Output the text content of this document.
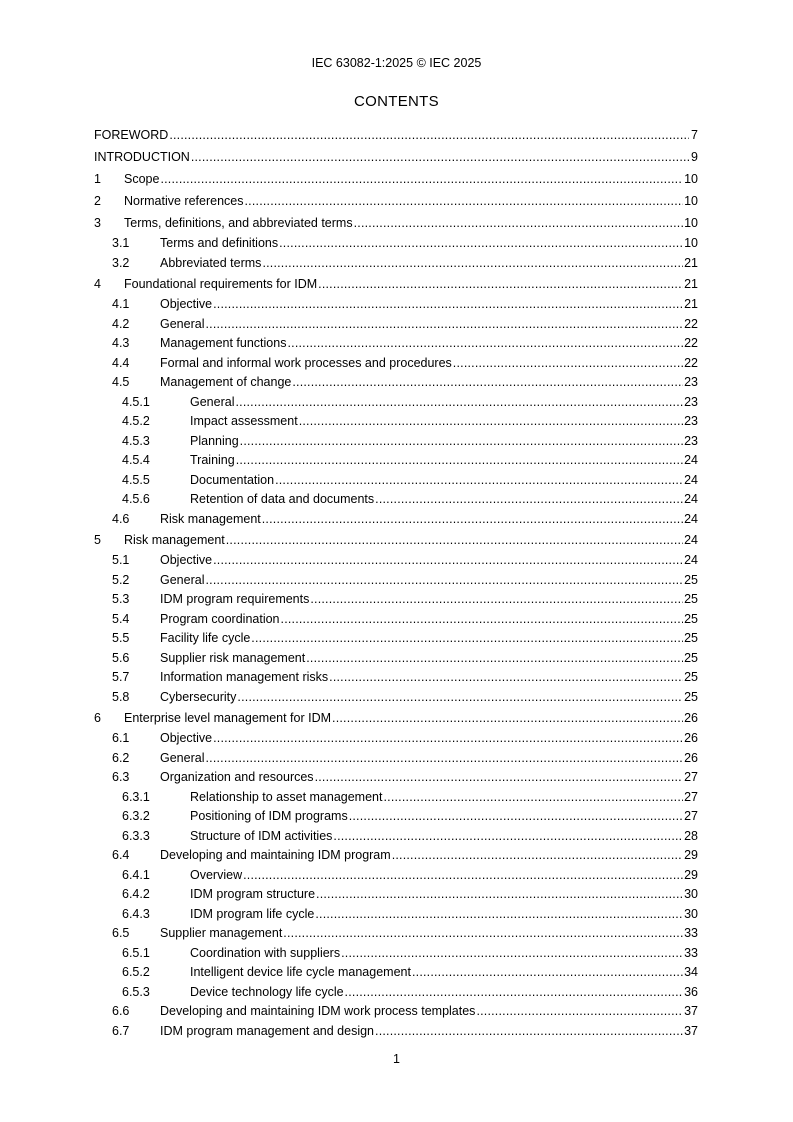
IEC 63082-1:2025 © IEC 2025
CONTENTS
FOREWORD .....	7
INTRODUCTION .....	9
1	Scope .....	10
2	Normative references .....	10
3	Terms, definitions, and abbreviated terms .....	10
3.1	Terms and definitions .....	10
3.2	Abbreviated terms .....	21
4	Foundational requirements for IDM .....	21
4.1	Objective .....	21
4.2	General .....	22
4.3	Management functions .....	22
4.4	Formal and informal work processes and procedures .....	22
4.5	Management of change .....	23
4.5.1	General .....	23
4.5.2	Impact assessment .....	23
4.5.3	Planning .....	23
4.5.4	Training .....	24
4.5.5	Documentation .....	24
4.5.6	Retention of data and documents .....	24
4.6	Risk management .....	24
5	Risk management .....	24
5.1	Objective .....	24
5.2	General .....	25
5.3	IDM program requirements .....	25
5.4	Program coordination .....	25
5.5	Facility life cycle .....	25
5.6	Supplier risk management .....	25
5.7	Information management risks .....	25
5.8	Cybersecurity .....	25
6	Enterprise level management for IDM .....	26
6.1	Objective .....	26
6.2	General .....	26
6.3	Organization and resources .....	27
6.3.1	Relationship to asset management .....	27
6.3.2	Positioning of IDM programs .....	27
6.3.3	Structure of IDM activities .....	28
6.4	Developing and maintaining IDM program .....	29
6.4.1	Overview .....	29
6.4.2	IDM program structure .....	30
6.4.3	IDM program life cycle .....	30
6.5	Supplier management .....	33
6.5.1	Coordination with suppliers .....	33
6.5.2	Intelligent device life cycle management .....	34
6.5.3	Device technology life cycle .....	36
6.6	Developing and maintaining IDM work process templates .....	37
6.7	IDM program management and design .....	37
1
